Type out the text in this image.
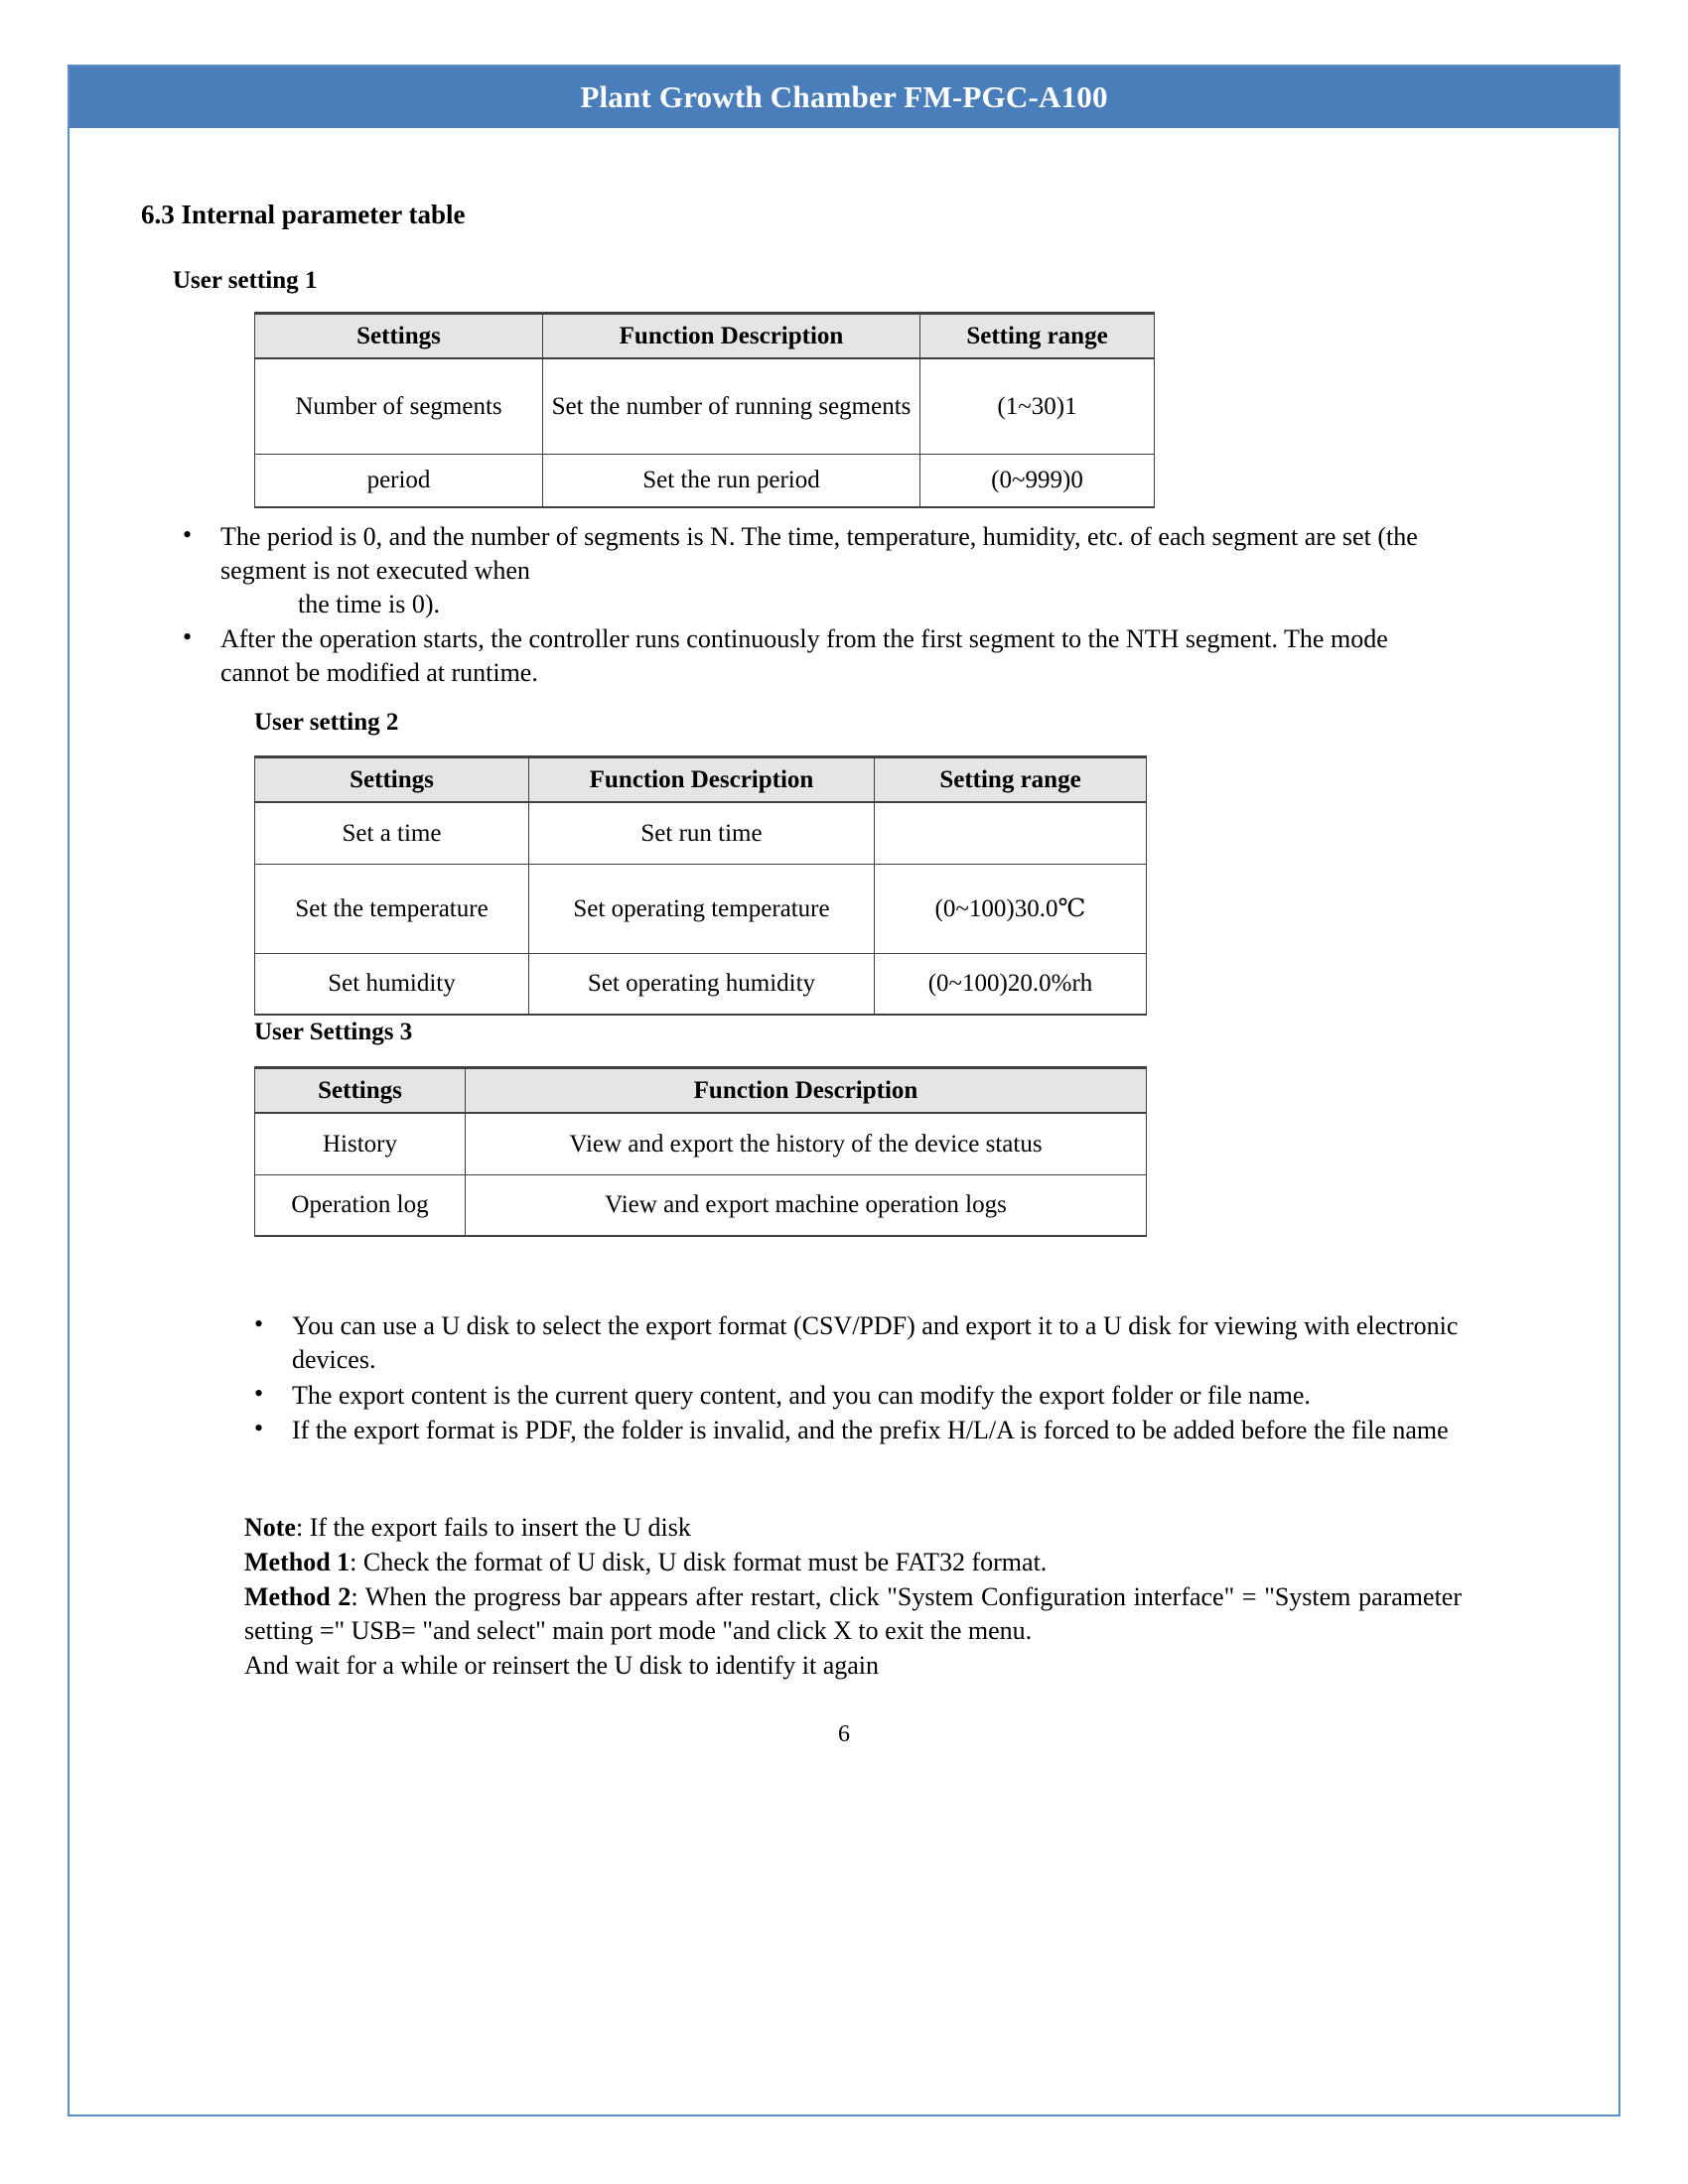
Plant Growth Chamber FM-PGC-A100
6.3 Internal parameter table
User setting 1
Settings	Function Description	Setting range
Number of segments	Set the number of running segments	(1~30)1
period	Set the run period	(0~999)0
• The period is 0, and the number of segments is N. The time, temperature, humidity, etc. of each segment are set (the segment is not executed when
the time is 0).
• After the operation starts, the controller runs continuously from the first segment to the NTH segment. The mode cannot be modified at runtime.
User setting 2
Settings	Function Description	Setting range
Set a time	Set run time	
Set the temperature	Set operating temperature	(0~100)30.0℃
Set humidity	Set operating humidity	(0~100)20.0%rh
User Settings 3
Settings	Function Description
History	View and export the history of the device status
Operation log	View and export machine operation logs
• You can use a U disk to select the export format (CSV/PDF) and export it to a U disk for viewing with electronic devices.
• The export content is the current query content, and you can modify the export folder or file name.
• If the export format is PDF, the folder is invalid, and the prefix H/L/A is forced to be added before the file name

Note: If the export fails to insert the U disk

Method 1: Check the format of U disk, U disk format must be FAT32 format.

Method 2: When the progress bar appears after restart, click "System Configuration interface" = "System parameter setting =" USB= "and select" main port mode "and click X to exit the menu.

And wait for a while or reinsert the U disk to identify it again

6
